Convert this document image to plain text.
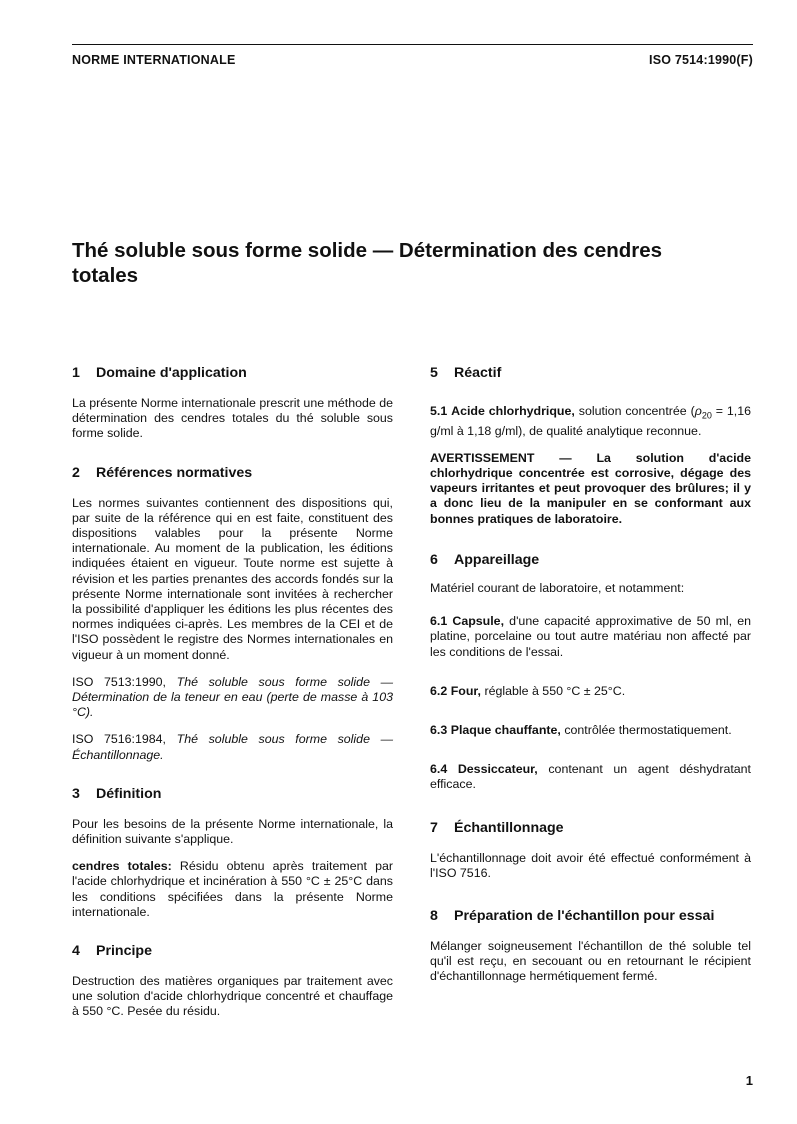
NORME INTERNATIONALE	ISO 7514:1990(F)
Thé soluble sous forme solide — Détermination des cendres totales
1	Domaine d'application

La présente Norme internationale prescrit une méthode de détermination des cendres totales du thé soluble sous forme solide.

2	Références normatives

Les normes suivantes contiennent des dispositions qui, par suite de la référence qui en est faite, constituent des dispositions valables pour la présente Norme internationale. Au moment de la publication, les éditions indiquées étaient en vigueur. Toute norme est sujette à révision et les parties prenantes des accords fondés sur la présente Norme internationale sont invitées à rechercher la possibilité d'appliquer les éditions les plus récentes des normes indiquées ci-après. Les membres de la CEI et de l'ISO possèdent le registre des Normes internationales en vigueur à un moment donné.

ISO 7513:1990, Thé soluble sous forme solide — Détermination de la teneur en eau (perte de masse à 103 °C).

ISO 7516:1984, Thé soluble sous forme solide — Échantillonnage.

3	Définition

Pour les besoins de la présente Norme internationale, la définition suivante s'applique.

cendres totales: Résidu obtenu après traitement par l'acide chlorhydrique et incinération à 550 °C ± 25°C dans les conditions spécifiées dans la présente Norme internationale.

4	Principe

Destruction des matières organiques par traitement avec une solution d'acide chlorhydrique concentré et chauffage à 550 °C. Pesée du résidu.

5	Réactif

5.1 Acide chlorhydrique, solution concentrée ($\rho_{20} = 1,16$ g/ml à 1,18 g/ml), de qualité analytique reconnue.

AVERTISSEMENT — La solution d'acide chlorhydrique concentrée est corrosive, dégage des vapeurs irritantes et peut provoquer des brûlures; il y a donc lieu de la manipuler en se conformant aux bonnes pratiques de laboratoire.

6	Appareillage

Matériel courant de laboratoire, et notamment:

6.1 Capsule, d'une capacité approximative de 50 ml, en platine, porcelaine ou tout autre matériau non affecté par les conditions de l'essai.

6.2 Four, réglable à 550 °C ± 25°C.

6.3 Plaque chauffante, contrôlée thermostatiquement.

6.4 Dessiccateur, contenant un agent déshydratant efficace.

7	Échantillonnage

L'échantillonnage doit avoir été effectué conformément à l'ISO 7516.

8	Préparation de l'échantillon pour essai

Mélanger soigneusement l'échantillon de thé soluble tel qu'il est reçu, en secouant ou en retournant le récipient d'échantillonnage hermétiquement fermé.

1
